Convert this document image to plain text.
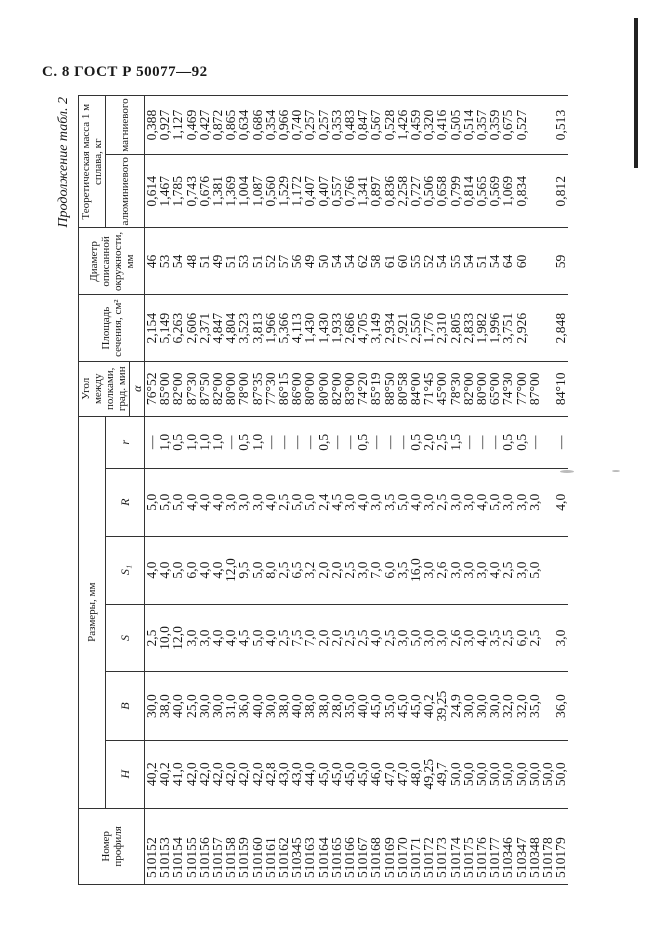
С. 8 ГОСТ Р 50077—92
Продолжение табл. 2
Номер профиля	Размеры, мм						Угол между полками, град. мин	Площадь сечения, см²	Диаметр описанной окружности, мм	Теоретическая масса 1 м сплава, кг	
	H	B	S	S₁	R	r				алюминиевого	магниевого
							α				
510152	40,2	30,0	2,5	4,0	5,0	—	76°52	2,154	46	0,614	0,388
510153	40,2	38,0	10,0	4,0	5,0	1,0	85°00	5,149	53	1,467	0,927
510154	41,0	40,0	12,0	5,0	5,0	0,5	82°00	6,263	54	1,785	1,127
510155	42,0	25,0	3,0	6,0	4,0	1,0	87°30	2,606	48	0,743	0,469
510156	42,0	30,0	3,0	4,0	4,0	1,0	87°50	2,371	51	0,676	0,427
510157	42,0	30,0	4,0	4,0	4,0	1,0	82°00	4,847	49	1,381	0,872
510158	42,0	31,0	4,0	12,0	3,0	—	80°00	4,804	51	1,369	0,865
510159	42,0	36,0	4,5	9,5	3,0	0,5	78°00	3,523	53	1,004	0,634
510160	42,0	40,0	5,0	5,0	3,0	1,0	87°35	3,813	51	1,087	0,686
510161	42,8	30,0	4,0	8,0	4,0	—	77°30	1,966	52	0,560	0,354
510162	43,0	38,0	2,5	2,5	2,5	—	86°15	5,366	57	1,529	0,966
510345	43,0	40,0	7,5	6,5	5,0	—	86°00	4,113	56	1,172	0,740
510163	44,0	38,0	7,0	3,2	5,0	—	80°00	1,430	49	0,407	0,257
510164	45,0	38,0	2,0	2,0	2,4	0,5	80°00	1,430	50	0,407	0,257
510165	45,0	28,0	2,0	2,0	4,5	—	82°00	1,933	54	0,557	0,353
510166	45,0	35,0	2,5	2,5	3,0	—	83°00	2,686	54	0,766	0,483
510167	45,0	40,0	2,5	3,0	4,0	0,5	74°20	4,705	62	1,341	0,847
510168	46,0	45,0	4,0	7,0	3,0	—	85°19	3,149	58	0,897	0,567
510169	47,0	35,0	2,5	6,0	3,5	—	88°50	2,934	61	0,836	0,528
510170	47,0	45,0	3,0	3,5	5,0	—	80°58	7,921	60	2,258	1,426
510171	48,0	45,0	5,0	16,0	4,0	0,5	84°00	2,550	55	0,727	0,459
510172	49,25	40,2	3,0	3,0	3,0	2,0	71°45	1,776	52	0,506	0,320
510173	49,7	39,25	3,0	2,6	2,5	2,5	45°00	2,310	54	0,658	0,416
510174	50,0	24,9	2,6	3,0	3,0	1,5	78°30	2,805	55	0,799	0,505
510175	50,0	30,0	3,0	3,0	3,0	—	82°00	2,833	54	0,814	0,514
510176	50,0	30,0	4,0	3,0	4,0	—	80°00	1,982	51	0,565	0,357
510177	50,0	30,0	3,5	4,0	5,0	—	65°00	1,996	54	0,569	0,359
510346	50,0	32,0	2,5	2,5	3,0	0,5	74°30	3,751	64	1,069	0,675
510347	50,0	32,0	6,0	3,0	3,0	0,5	77°00	2,926	60	0,834	0,527
510348	50,0	35,0	2,5	5,0	3,0	—	87°00				
510178	50,0										
510179	50,0	36,0	3,0		4,0	—	84°10	2,848	59	0,812	0,513
